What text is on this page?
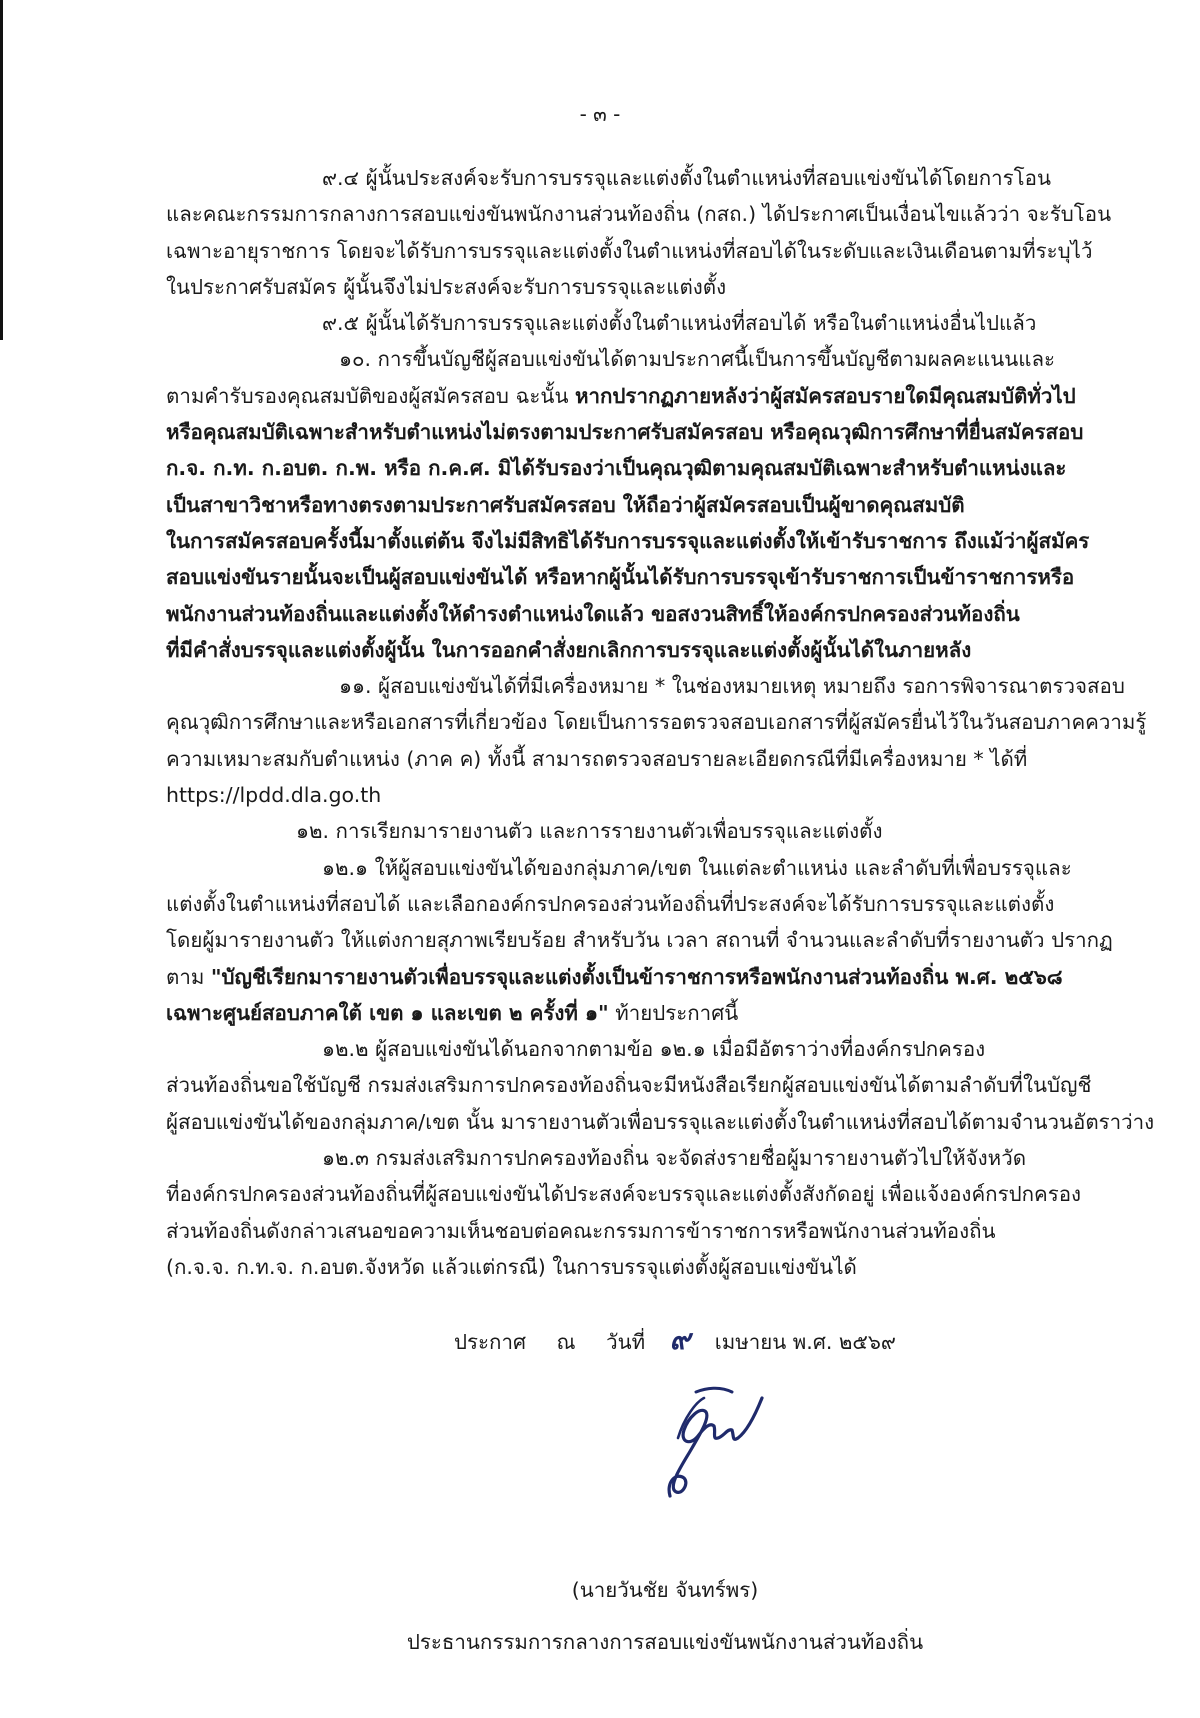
- ๓ -

๙.๔ ผู้นั้นประสงค์จะรับการบรรจุและแต่งตั้งในตำแหน่งที่สอบแข่งขันได้โดยการโอน
และคณะกรรมการกลางการสอบแข่งขันพนักงานส่วนท้องถิ่น (กสถ.) ได้ประกาศเป็นเงื่อนไขแล้วว่า จะรับโอน
เฉพาะอายุราชการ โดยจะได้รับการบรรจุและแต่งตั้งในตำแหน่งที่สอบได้ในระดับและเงินเดือนตามที่ระบุไว้
ในประกาศรับสมัคร ผู้นั้นจึงไม่ประสงค์จะรับการบรรจุและแต่งตั้ง

๙.๕ ผู้นั้นได้รับการบรรจุและแต่งตั้งในตำแหน่งที่สอบได้ หรือในตำแหน่งอื่นไปแล้ว

๑๐. การขึ้นบัญชีผู้สอบแข่งขันได้ตามประกาศนี้เป็นการขึ้นบัญชีตามผลคะแนนและ
ตามคำรับรองคุณสมบัติของผู้สมัครสอบ ฉะนั้น หากปรากฏภายหลังว่าผู้สมัครสอบรายใดมีคุณสมบัติทั่วไป
หรือคุณสมบัติเฉพาะสำหรับตำแหน่งไม่ตรงตามประกาศรับสมัครสอบ หรือคุณวุฒิการศึกษาที่ยื่นสมัครสอบ
ก.จ. ก.ท. ก.อบต. ก.พ. หรือ ก.ค.ศ. มิได้รับรองว่าเป็นคุณวุฒิตามคุณสมบัติเฉพาะสำหรับตำแหน่งและ
เป็นสาขาวิชาหรือทางตรงตามประกาศรับสมัครสอบ ให้ถือว่าผู้สมัครสอบเป็นผู้ขาดคุณสมบัติ
ในการสมัครสอบครั้งนี้มาตั้งแต่ต้น จึงไม่มีสิทธิได้รับการบรรจุและแต่งตั้งให้เข้ารับราชการ ถึงแม้ว่าผู้สมัคร
สอบแข่งขันรายนั้นจะเป็นผู้สอบแข่งขันได้ หรือหากผู้นั้นได้รับการบรรจุเข้ารับราชการเป็นข้าราชการหรือ
พนักงานส่วนท้องถิ่นและแต่งตั้งให้ดำรงตำแหน่งใดแล้ว ขอสงวนสิทธิ์ให้องค์กรปกครองส่วนท้องถิ่น
ที่มีคำสั่งบรรจุและแต่งตั้งผู้นั้น ในการออกคำสั่งยกเลิกการบรรจุและแต่งตั้งผู้นั้นได้ในภายหลัง

๑๑. ผู้สอบแข่งขันได้ที่มีเครื่องหมาย * ในช่องหมายเหตุ หมายถึง รอการพิจารณาตรวจสอบ
คุณวุฒิการศึกษาและหรือเอกสารที่เกี่ยวข้อง โดยเป็นการรอตรวจสอบเอกสารที่ผู้สมัครยื่นไว้ในวันสอบภาคความรู้
ความเหมาะสมกับตำแหน่ง (ภาค ค) ทั้งนี้ สามารถตรวจสอบรายละเอียดกรณีที่มีเครื่องหมาย * ได้ที่

https://lpdd.dla.go.th

๑๒. การเรียกมารายงานตัว และการรายงานตัวเพื่อบรรจุและแต่งตั้ง

๑๒.๑ ให้ผู้สอบแข่งขันได้ของกลุ่มภาค/เขต ในแต่ละตำแหน่ง และลำดับที่เพื่อบรรจุและ
แต่งตั้งในตำแหน่งที่สอบได้ และเลือกองค์กรปกครองส่วนท้องถิ่นที่ประสงค์จะได้รับการบรรจุและแต่งตั้ง
โดยผู้มารายงานตัว ให้แต่งกายสุภาพเรียบร้อย สำหรับวัน เวลา สถานที่ จำนวนและลำดับที่รายงานตัว ปรากฏ
ตาม "บัญชีเรียกมารายงานตัวเพื่อบรรจุและแต่งตั้งเป็นข้าราชการหรือพนักงานส่วนท้องถิ่น พ.ศ. ๒๕๖๘
เฉพาะศูนย์สอบภาคใต้ เขต ๑ และเขต ๒ ครั้งที่ ๑" ท้ายประกาศนี้

๑๒.๒ ผู้สอบแข่งขันได้นอกจากตามข้อ ๑๒.๑ เมื่อมีอัตราว่างที่องค์กรปกครอง
ส่วนท้องถิ่นขอใช้บัญชี กรมส่งเสริมการปกครองท้องถิ่นจะมีหนังสือเรียกผู้สอบแข่งขันได้ตามลำดับที่ในบัญชี
ผู้สอบแข่งขันได้ของกลุ่มภาค/เขต นั้น มารายงานตัวเพื่อบรรจุและแต่งตั้งในตำแหน่งที่สอบได้ตามจำนวนอัตราว่าง

๑๒.๓ กรมส่งเสริมการปกครองท้องถิ่น จะจัดส่งรายชื่อผู้มารายงานตัวไปให้จังหวัด
ที่องค์กรปกครองส่วนท้องถิ่นที่ผู้สอบแข่งขันได้ประสงค์จะบรรจุและแต่งตั้งสังกัดอยู่ เพื่อแจ้งองค์กรปกครอง
ส่วนท้องถิ่นดังกล่าวเสนอขอความเห็นชอบต่อคณะกรรมการข้าราชการหรือพนักงานส่วนท้องถิ่น
(ก.จ.จ. ก.ท.จ. ก.อบต.จังหวัด แล้วแต่กรณี) ในการบรรจุแต่งตั้งผู้สอบแข่งขันได้

ประกาศ ณ วันที่ ๙ เมษายน พ.ศ. ๒๕๖๙
(นายวันชัย จันทร์พร)
ประธานกรรมการกลางการสอบแข่งขันพนักงานส่วนท้องถิ่น
